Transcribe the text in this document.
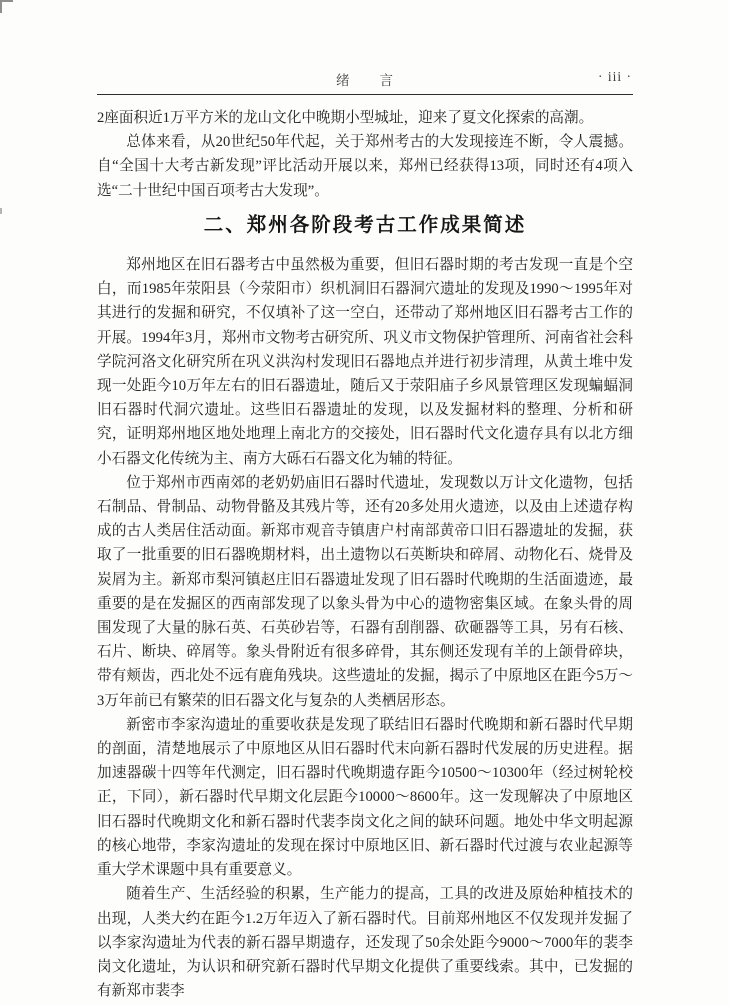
绪　　言	· iii ·

2座面积近1万平方米的龙山文化中晚期小型城址，迎来了夏文化探索的高潮。

总体来看，从20世纪50年代起，关于郑州考古的大发现接连不断，令人震撼。自“全国十大考古新发现”评比活动开展以来，郑州已经获得13项，同时还有4项入选“二十世纪中国百项考古大发现”。

二、郑州各阶段考古工作成果简述

郑州地区在旧石器考古中虽然极为重要，但旧石器时期的考古发现一直是个空白，而1985年荥阳县（今荥阳市）织机洞旧石器洞穴遗址的发现及1990～1995年对其进行的发掘和研究，不仅填补了这一空白，还带动了郑州地区旧石器考古工作的开展。1994年3月，郑州市文物考古研究所、巩义市文物保护管理所、河南省社会科学院河洛文化研究所在巩义洪沟村发现旧石器地点并进行初步清理，从黄土堆中发现一处距今10万年左右的旧石器遗址，随后又于荥阳庙子乡风景管理区发现蝙蝠洞旧石器时代洞穴遗址。这些旧石器遗址的发现，以及发掘材料的整理、分析和研究，证明郑州地区地处地理上南北方的交接处，旧石器时代文化遗存具有以北方细小石器文化传统为主、南方大砾石石器文化为辅的特征。

位于郑州市西南郊的老奶奶庙旧石器时代遗址，发现数以万计文化遗物，包括石制品、骨制品、动物骨骼及其残片等，还有20多处用火遗迹，以及由上述遗存构成的古人类居住活动面。新郑市观音寺镇唐户村南部黄帝口旧石器遗址的发掘，获取了一批重要的旧石器晚期材料，出土遗物以石英断块和碎屑、动物化石、烧骨及炭屑为主。新郑市梨河镇赵庄旧石器遗址发现了旧石器时代晚期的生活面遗迹，最重要的是在发掘区的西南部发现了以象头骨为中心的遗物密集区域。在象头骨的周围发现了大量的脉石英、石英砂岩等，石器有刮削器、砍砸器等工具，另有石核、石片、断块、碎屑等。象头骨附近有很多碎骨，其东侧还发现有羊的上颌骨碎块，带有颊齿，西北处不远有鹿角残块。这些遗址的发掘，揭示了中原地区在距今5万～3万年前已有繁荣的旧石器文化与复杂的人类栖居形态。

新密市李家沟遗址的重要收获是发现了联结旧石器时代晚期和新石器时代早期的剖面，清楚地展示了中原地区从旧石器时代末向新石器时代发展的历史进程。据加速器碳十四等年代测定，旧石器时代晚期遗存距今10500～10300年（经过树轮校正，下同），新石器时代早期文化层距今10000～8600年。这一发现解决了中原地区旧石器时代晚期文化和新石器时代裴李岗文化之间的缺环问题。地处中华文明起源的核心地带，李家沟遗址的发现在探讨中原地区旧、新石器时代过渡与农业起源等重大学术课题中具有重要意义。

随着生产、生活经验的积累，生产能力的提高，工具的改进及原始种植技术的出现，人类大约在距今1.2万年迈入了新石器时代。目前郑州地区不仅发现并发掘了以李家沟遗址为代表的新石器早期遗存，还发现了50余处距今9000～7000年的裴李岗文化遗址，为认识和研究新石器时代早期文化提供了重要线索。其中，已发掘的有新郑市裴李
